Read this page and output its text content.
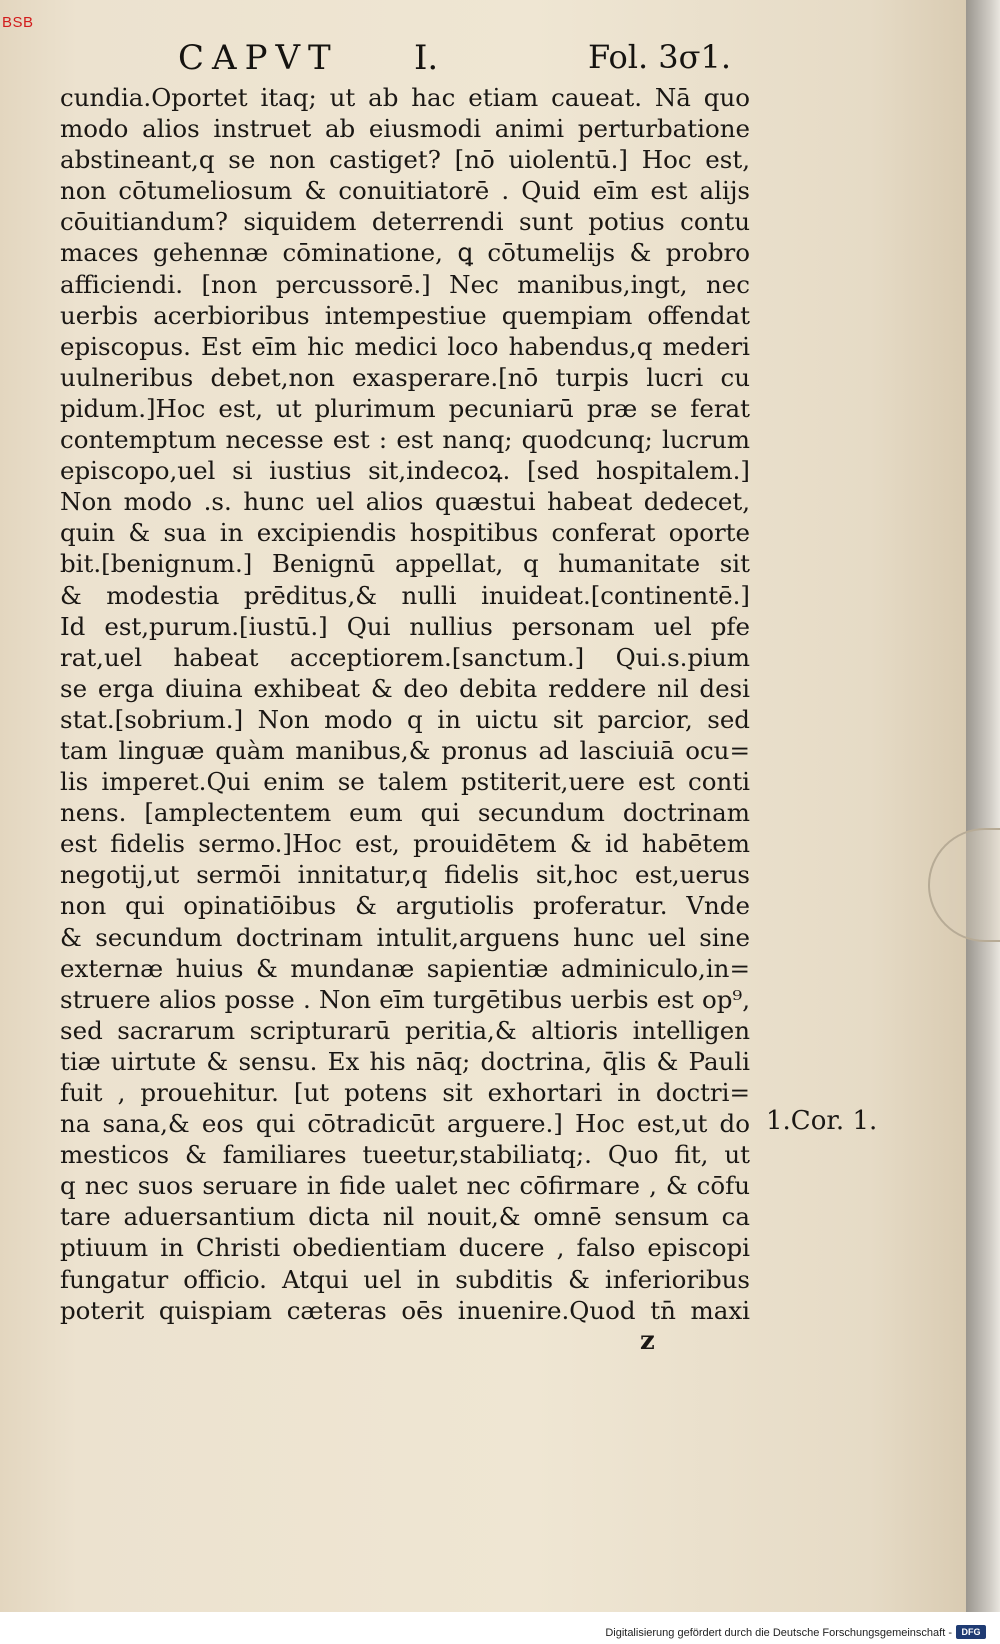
BSB
CAPVT I.	Fol. 3σ1.
cundia.Oportet itaq; ut ab hac etiam caueat. Nā quo
modo alios instruet ab eiusmodi animi perturbatione
abstineant,q se non castiget? [nō uiolentū.] Hoc est,
non cōtumeliosum & conuitiatorē . Quid eīm est alijs
cōuitiandum? siquidem deterrendi sunt potius contu
maces gehennæ cōminatione, ꝗ cōtumelijs & probro
afficiendi. [non percussorē.] Nec manibus,ingt, nec
uerbis acerbioribus intempestiue quempiam offendat
episcopus. Est eīm hic medici loco habendus,q mederi
uulneribus debet,non exasperare.[nō turpis lucri cu
pidum.]Hoc est, ut plurimum pecuniarū præ se ferat
contemptum necesse est : est nanq; quodcunq; lucrum
episcopo,uel si iustius sit,indecoꝝ. [sed hospitalem.]
Non modo .s. hunc uel alios quæstui habeat dedecet,
quin & sua in excipiendis hospitibus conferat oporte
bit.[benignum.] Benignū appellat, q humanitate sit
& modestia prēditus,& nulli inuideat.[continentē.]
Id est,purum.[iustū.] Qui nullius personam uel pfe
rat,uel habeat acceptiorem.[sanctum.] Qui.s.pium
se erga diuina exhibeat & deo debita reddere nil desi
stat.[sobrium.] Non modo q in uictu sit parcior, sed
tam linguæ quàm manibus,& pronus ad lasciuiā ocu=
lis imperet.Qui enim se talem pstiterit,uere est conti
nens. [amplectentem eum qui secundum doctrinam
est fidelis sermo.]Hoc est, prouidētem & id habētem
negotij,ut sermōi innitatur,q fidelis sit,hoc est,uerus
non qui opinatiōibus & argutiolis proferatur. Vnde
& secundum doctrinam intulit,arguens hunc uel sine
externæ huius & mundanæ sapientiæ adminiculo,in=
struere alios posse . Non eīm turgētibus uerbis est op⁹,
sed sacrarum scripturarū peritia,& altioris intelligen
tiæ uirtute & sensu. Ex his nāq; doctrina, q̄lis & Pauli
fuit , prouehitur. [ut potens sit exhortari in doctri=
na sana,& eos qui cōtradicūt arguere.] Hoc est,ut do
mesticos & familiares tueetur,stabiliatq;. Quo fit, ut
q nec suos seruare in fide ualet nec cōfirmare , & cōfu
tare aduersantium dicta nil nouit,& omnē sensum ca
ptiuum in Christi obedientiam ducere , falso episcopi
fungatur officio. Atqui uel in subditis & inferioribus
poterit quispiam cæteras oēs inuenire.Quod tn̄ maxi
1.Cor. 1.
z
Digitalisierung gefördert durch die Deutsche Forschungsgemeinschaft -	DFG
